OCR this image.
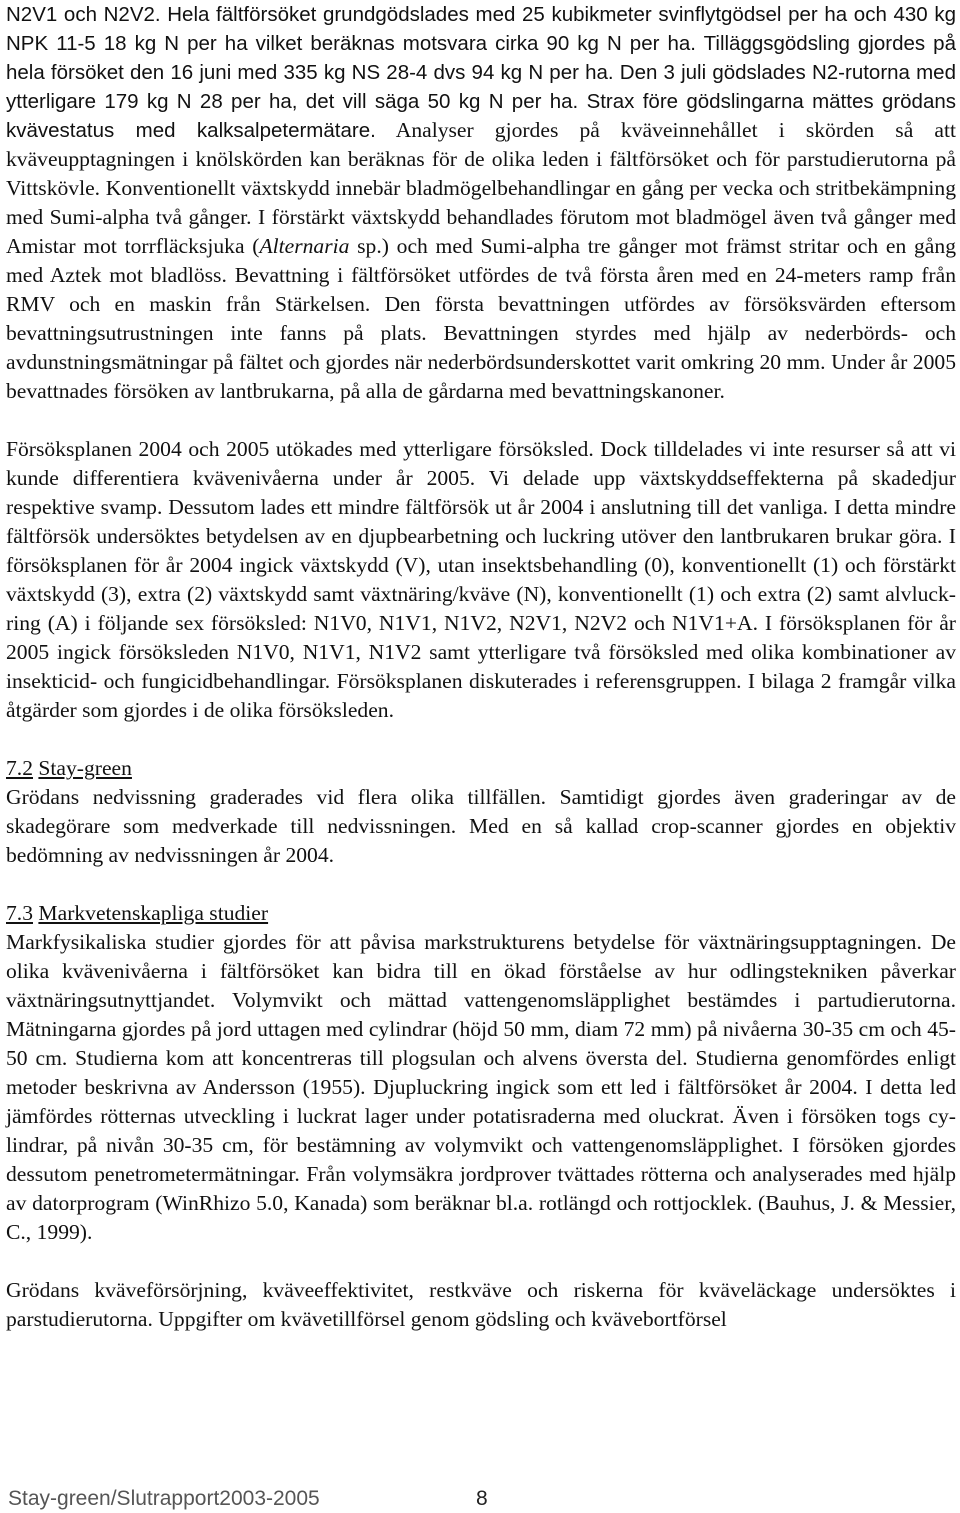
N2V1 och N2V2. Hela fältförsöket grundgödslades med 25 kubikmeter svinflytgödsel per ha och 430 kg NPK 11-5 18 kg N per ha vilket beräknas motsvara cirka 90 kg N per ha. Tilläggsgödsling gjordes på hela försöket den 16 juni med 335 kg NS 28-4 dvs 94 kg N per ha. Den 3 juli gödslades N2-rutorna med ytterligare 179 kg N 28 per ha, det vill säga 50 kg N per ha. Strax före gödslingarna mättes grödans kvävestatus med kalksalpetermätare. Analyser gjordes på kväveinnehållet i skörden så att kväveupptagningen i knölskörden kan beräknas för de olika leden i fältförsöket och för parstudierutorna på Vittskövle. Konventionellt växtskydd innebär bladmögelbehandlingar en gång per vecka och stritbekämpning med Sumi-alpha två gånger. I förstärkt växtskydd behandlades förutom mot bladmögel även två gånger med Amistar mot torrfläcksjuka (Alternaria sp.) och med Sumi-alpha tre gånger mot främst stritar och en gång med Aztek mot bladlöss. Bevattning i fältförsöket utfördes de två första åren med en 24-meters ramp från RMV och en maskin från Stärkelsen. Den första bevattningen utfördes av försöksvärden eftersom bevattningsutrustningen inte fanns på plats. Bevattningen styrdes med hjälp av nederbörds- och avdunstningsmätningar på fältet och gjordes när nederbördsunderskottet varit omkring 20 mm. Under år 2005 bevattnades försöken av lantbrukarna, på alla de gårdarna med bevattningskanoner.

Försöksplanen 2004 och 2005 utökades med ytterligare försöksled. Dock tilldelades vi inte resurser så att vi kunde differentiera kvävenivåerna under år 2005. Vi delade upp växtskyddseffekterna på skadedjur respektive svamp. Dessutom lades ett mindre fältförsök ut år 2004 i anslutning till det vanliga. I detta mindre fältförsök undersöktes betydelsen av en djupbearbetning och luckring utöver den lantbrukaren brukar göra. I försöksplanen för år 2004 ingick växtskydd (V), utan insektsbehandling (0), konventionellt (1) och förstärkt växtskydd (3), extra (2) växtskydd samt växtnäring/kväve (N), konventionellt (1) och extra (2) samt alvluckring (A) i följande sex försöksled: N1V0, N1V1, N1V2, N2V1, N2V2 och N1V1+A. I försöksplanen för år 2005 ingick försöksleden N1V0, N1V1, N1V2 samt ytterligare två försöksled med olika kombinationer av insekticid- och fungicidbehandlingar. Försöksplanen diskuterades i referensgruppen. I bilaga 2 framgår vilka åtgärder som gjordes i de olika försöksleden.

7.2 Stay-green

Grödans nedvissning graderades vid flera olika tillfällen. Samtidigt gjordes även graderingar av de skadegörare som medverkade till nedvissningen. Med en så kallad crop-scanner gjordes en objektiv bedömning av nedvissningen år 2004.

7.3 Markvetenskapliga studier

Markfysikaliska studier gjordes för att påvisa markstrukturens betydelse för växtnäringsupptagningen. De olika kvävenivåerna i fältförsöket kan bidra till en ökad förståelse av hur odlingstekniken påverkar växtnäringsutnyttjandet. Volymvikt och mättad vattengenomsläpplighet bestämdes i partudierutorna. Mätningarna gjordes på jord uttagen med cylindrar (höjd 50 mm, diam 72 mm) på nivåerna 30-35 cm och 45-50 cm. Studierna kom att koncentreras till plogsulan och alvens översta del. Studierna genomfördes enligt metoder beskrivna av Andersson (1955). Djupluckring ingick som ett led i fältförsöket år 2004. I detta led jämfördes rötternas utveckling i luckrat lager under potatisraderna med oluckrat. Även i försöken togs cylindrar, på nivån 30-35 cm, för bestämning av volymvikt och vattengenomsläpplighet. I försöken gjordes dessutom penetrometermätningar. Från volymsäkra jordprover tvättades rötterna och analyserades med hjälp av datorprogram (WinRhizo 5.0, Kanada) som beräknar bl.a. rotlängd och rottjocklek. (Bauhus, J. & Messier, C., 1999).

Grödans kväveförsörjning, kväveeffektivitet, restkväve och riskerna för kväveläckage undersöktes i parstudierutorna. Uppgifter om kvävetillförsel genom gödsling och kvävebortförsel

Stay-green/Slutrapport2003-2005	8
